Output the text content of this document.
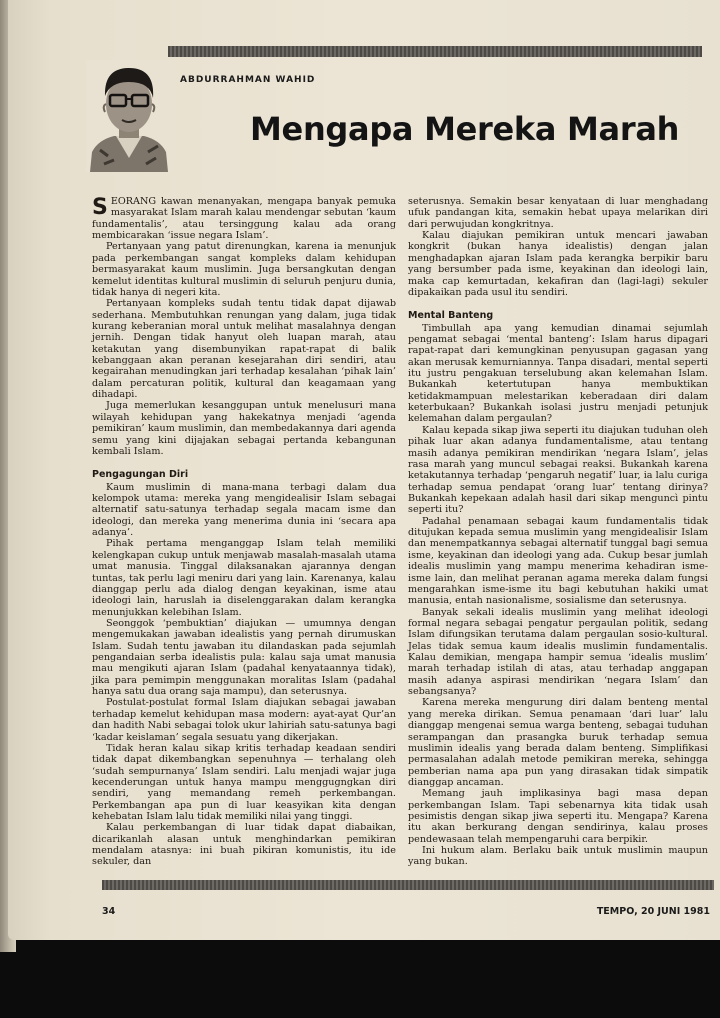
ABDURRAHMAN WAHID
Mengapa Mereka Marah

SEORANG kawan menanyakan, mengapa banyak pemuka masyarakat Islam marah kalau mendengar sebutan ‘kaum fundamentalis’, atau tersinggung kalau ada orang membicarakan ‘issue negara Islam’.

Pertanyaan yang patut direnungkan, karena ia menunjuk pada perkembangan sangat kompleks dalam kehidupan bermasyarakat kaum muslimin. Juga bersangkutan dengan kemelut identitas kultural muslimin di seluruh penjuru dunia, tidak hanya di negeri kita.

Pertanyaan kompleks sudah tentu tidak dapat dijawab sederhana. Membutuhkan renungan yang dalam, juga tidak kurang keberanian moral untuk melihat masalahnya dengan jernih. Dengan tidak hanyut oleh luapan marah, atau ketakutan yang disembunyikan rapat-rapat di balik kebanggaan akan peranan kesejarahan diri sendiri, atau kegairahan menudingkan jari terhadap kesalahan ‘pihak lain’ dalam percaturan politik, kultural dan keagamaan yang dihadapi.

Juga memerlukan kesanggupan untuk menelusuri mana wilayah kehidupan yang hakekatnya menjadi ‘agenda pemikiran’ kaum muslimin, dan membedakannya dari agenda semu yang kini dijajakan sebagai pertanda kebangunan kembali Islam.

Pengagungan Diri

Kaum muslimin di mana-mana terbagi dalam dua kelompok utama: mereka yang mengidealisir Islam sebagai alternatif satu-satunya terhadap segala macam isme dan ideologi, dan mereka yang menerima dunia ini ‘secara apa adanya’.

Pihak pertama menganggap Islam telah memiliki kelengkapan cukup untuk menjawab masalah-masalah utama umat manusia. Tinggal dilaksanakan ajarannya dengan tuntas, tak perlu lagi meniru dari yang lain. Karenanya, kalau dianggap perlu ada dialog dengan keyakinan, isme atau ideologi lain, haruslah ia diselenggarakan dalam kerangka menunjukkan kelebihan Islam.

Seonggok ‘pembuktian’ diajukan — umumnya dengan mengemukakan jawaban idealistis yang pernah dirumuskan Islam. Sudah tentu jawaban itu dilandaskan pada sejumlah pengandaian serba idealistis pula: kalau saja umat manusia mau mengikuti ajaran Islam (padahal kenyataannya tidak), jika para pemimpin menggunakan moralitas Islam (padahal hanya satu dua orang saja mampu), dan seterusnya.

Postulat-postulat formal Islam diajukan sebagai jawaban terhadap kemelut kehidupan masa modern: ayat-ayat Qur’an dan hadith Nabi sebagai tolok ukur lahiriah satu-satunya bagi ‘kadar keislaman’ segala sesuatu yang dikerjakan.

Tidak heran kalau sikap kritis terhadap keadaan sendiri tidak dapat dikembangkan sepenuhnya — terhalang oleh ‘sudah sempurnanya’ Islam sendiri. Lalu menjadi wajar juga kecenderungan untuk hanya mampu menggugngkan diri sendiri, yang memandang remeh perkembangan. Perkembangan apa pun di luar keasyikan kita dengan kehebatan Islam lalu tidak memiliki nilai yang tinggi.

Kalau perkembangan di luar tidak dapat diabaikan, dicarikanlah alasan untuk menghindarkan pemikiran mendalam atasnya: ini buah pikiran komunistis, itu ide sekuler, dan

seterusnya. Semakin besar kenyataan di luar menghadang ufuk pandangan kita, semakin hebat upaya melarikan diri dari perwujudan kongkritnya.

Kalau diajukan pemikiran untuk mencari jawaban kongkrit (bukan hanya idealistis) dengan jalan menghadapkan ajaran Islam pada kerangka berpikir baru yang bersumber pada isme, keyakinan dan ideologi lain, maka cap kemurtadan, kekafiran dan (lagi-lagi) sekuler dipakaikan pada usul itu sendiri.

Mental Banteng

Timbullah apa yang kemudian dinamai sejumlah pengamat sebagai ‘mental banteng’: Islam harus dipagari rapat-rapat dari kemungkinan penyusupan gagasan yang akan merusak kemurniannya. Tanpa disadari, mental seperti itu justru pengakuan terselubung akan kelemahan Islam. Bukankah ketertutupan hanya membuktikan ketidakmampuan melestarikan keberadaan diri dalam keterbukaan? Bukankah isolasi justru menjadi petunjuk kelemahan dalam pergaulan?

Kalau kepada sikap jiwa seperti itu diajukan tuduhan oleh pihak luar akan adanya fundamentalisme, atau tentang masih adanya pemikiran mendirikan ‘negara Islam’, jelas rasa marah yang muncul sebagai reaksi. Bukankah karena ketakutannya terhadap ‘pengaruh negatif’ luar, ia lalu curiga terhadap semua pendapat ‘orang luar’ tentang dirinya? Bukankah kepekaan adalah hasil dari sikap menguncì pintu seperti itu?

Padahal penamaan sebagai kaum fundamentalis tidak ditujukan kepada semua muslimin yang mengidealisir Islam dan menempatkannya sebagai alternatif tunggal bagi semua isme, keyakinan dan ideologi yang ada. Cukup besar jumlah idealis muslimin yang mampu menerima kehadiran isme-isme lain, dan melihat peranan agama mereka dalam fungsi mengarahkan isme-isme itu bagi kebutuhan hakiki umat manusia, entah nasionalisme, sosialisme dan seterusnya.

Banyak sekali idealis muslimin yang melihat ideologi formal negara sebagai pengatur pergaulan politik, sedang Islam difungsikan terutama dalam pergaulan sosio-kultural. Jelas tidak semua kaum idealis muslimin fundamentalis. Kalau demikian, mengapa hampir semua ‘idealis muslim’ marah terhadap istilah di atas, atau terhadap anggapan masih adanya aspirasi mendirikan ‘negara Islam’ dan sebangsanya?

Karena mereka mengurung diri dalam benteng mental yang mereka dirikan. Semua penamaan ‘dari luar’ lalu dianggap mengenai semua warga benteng, sebagai tuduhan serampangan dan prasangka buruk terhadap semua muslimin idealis yang berada dalam benteng. Simplifikasi permasalahan adalah metode pemikiran mereka, sehingga pemberian nama apa pun yang dirasakan tidak simpatik dianggap ancaman.

Memang jauh implikasinya bagi masa depan perkembangan Islam. Tapi sebenarnya kita tidak usah pesimistis dengan sikap jiwa seperti itu. Mengapa? Karena itu akan berkurang dengan sendirinya, kalau proses pendewasaan telah mempengaruhi cara berpikir.

Ini hukum alam. Berlaku baik untuk muslimin maupun yang bukan.

34	TEMPO, 20 JUNI 1981
